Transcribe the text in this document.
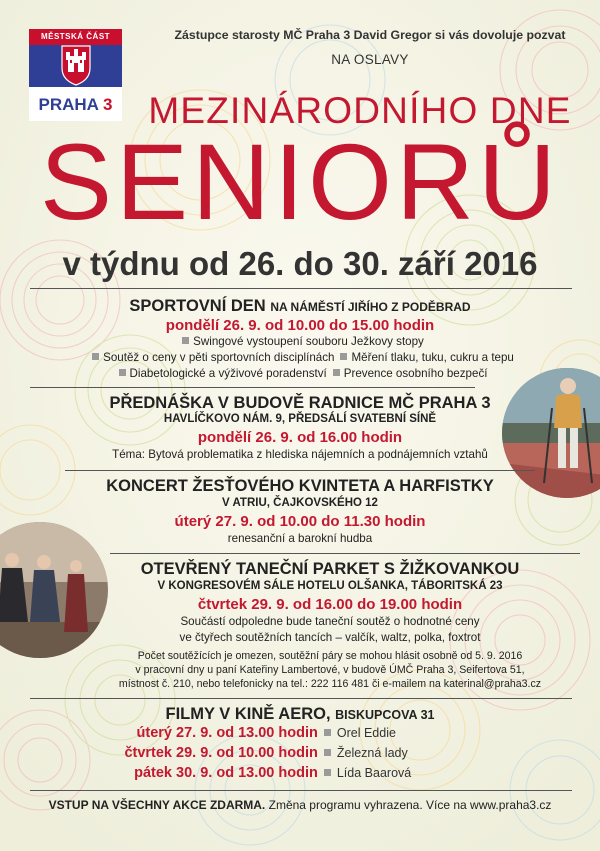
MĚSTSKÁ ČÁST
PRAHA 3
Zástupce starosty MČ Praha 3 David Gregor si vás dovoluje pozvat
NA OSLAVY
MEZINÁRODNÍHO DNE
SENIORŮ
v týdnu od 26. do 30. září 2016
SPORTOVNÍ DEN NA NÁMĚSTÍ JIŘÍHO Z PODĚBRAD
pondělí 26. 9. od 10.00 do 15.00 hodin
Swingové vystoupení souboru Ježkovy stopy
Soutěž o ceny v pěti sportovních disciplínách Měření tlaku, tuku, cukru a tepu
Diabetologické a výživové poradenství Prevence osobního bezpečí
PŘEDNÁŠKA V BUDOVĚ RADNICE MČ PRAHA 3
HAVLÍČKOVO NÁM. 9, PŘEDSÁLÍ SVATEBNÍ SÍNĚ
pondělí 26. 9. od 16.00 hodin
Téma: Bytová problematika z hlediska nájemních a podnájemních vztahů
KONCERT ŽESŤOVÉHO KVINTETA A HARFISTKY
V ATRIU, ČAJKOVSKÉHO 12
úterý 27. 9. od 10.00 do 11.30 hodin
renesanční a barokní hudba
OTEVŘENÝ TANEČNÍ PARKET S ŽIŽKOVANKOU
V KONGRESOVÉM SÁLE HOTELU OLŠANKA, TÁBORITSKÁ 23
čtvrtek 29. 9. od 16.00 do 19.00 hodin
Součástí odpoledne bude taneční soutěž o hodnotné ceny
ve čtyřech soutěžních tancích – valčík, waltz, polka, foxtrot
Počet soutěžících je omezen, soutěžní páry se mohou hlásit osobně od 5. 9. 2016
v pracovní dny u paní Kateřiny Lambertové, v budově ÚMČ Praha 3, Seifertova 51,
místnost č. 210, nebo telefonicky na tel.: 222 116 481 či e-mailem na katerinal@praha3.cz
FILMY V KINĚ AERO, BISKUPCOVA 31
úterý 27. 9. od 13.00 hodin Orel Eddie
čtvrtek 29. 9. od 10.00 hodin Železná lady
pátek 30. 9. od 13.00 hodin Lída Baarová
VSTUP NA VŠECHNY AKCE ZDARMA. Změna programu vyhrazena. Více na www.praha3.cz
